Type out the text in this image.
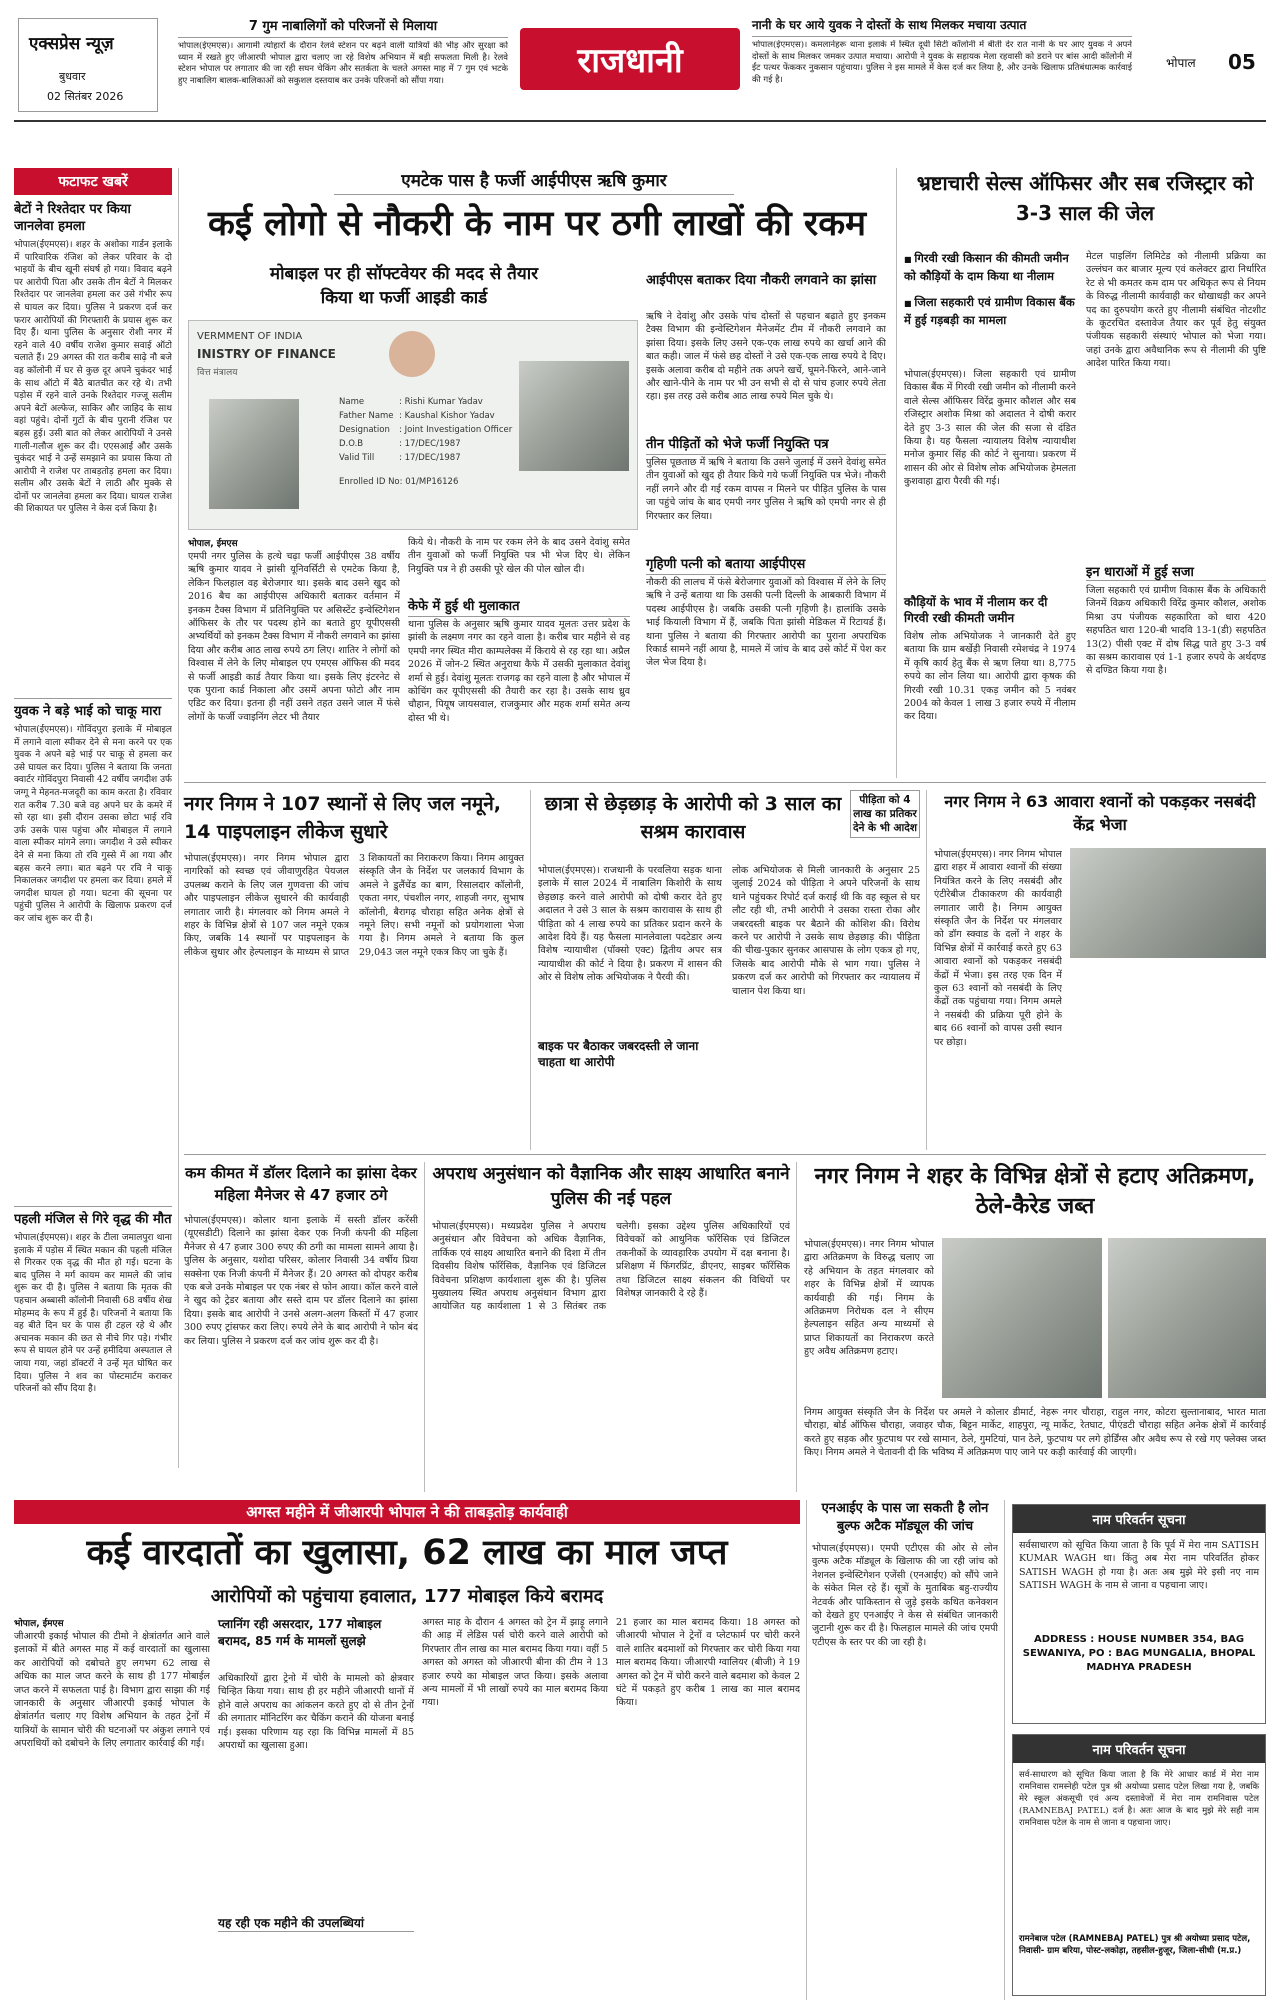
एक्सप्रेस न्यूज़
बुधवार
02 सितंबर 2026
7 गुम नाबालिगों को परिजनों से मिलाया
भोपाल(ईएमएस)। आगामी त्योहारों के दौरान रेलवे स्टेशन पर बढ़ने वाली यात्रियों की भीड़ और सुरक्षा को ध्यान में रखते हुए जीआरपी भोपाल द्वारा चलाए जा रहे विशेष अभियान में बड़ी सफलता मिली है। रेलवे स्टेशन भोपाल पर लगातार की जा रही सघन चेकिंग और सतर्कता के चलते अगस्त माह में 7 गुम एवं भटके हुए नाबालिग बालक-बालिकाओं को सकुशल दस्तयाब कर उनके परिजनों को सौंपा गया।	राजधानी
नानी के घर आये युवक ने दोस्तों के साथ मिलकर मचाया उत्पात
भोपाल(ईएमएस)। कमलानेहरू थाना इलाके में स्थित दूधी सिटी कॉलोनी में बीती देर रात नानी के घर आए युवक ने अपने दोस्तों के साथ मिलकर जमकर उत्पात मचाया। आरोपी ने युवक के सहायक मेला रहवासी को डराने पर बांस आदी कॉलोनी में ईंट पत्थर फेंककर नुकसान पहुंचाया। पुलिस ने इस मामले में केस दर्ज कर लिया है, और उनके खिलाफ प्रतिबंधात्मक कार्रवाई की गई है।
भोपाल 05
फटाफट खबरें
बेटों ने रिश्तेदार पर किया जानलेवा हमला
भोपाल(ईएमएस)। शहर के अशोका गार्डन इलाके में पारिवारिक रंजिश को लेकर परिवार के दो भाइयों के बीच खूनी संघर्ष हो गया। विवाद बढ़ने पर आरोपी पिता और उसके तीन बेटों ने मिलकर रिश्तेदार पर जानलेवा हमला कर उसे गंभीर रूप से घायल कर दिया। पुलिस ने प्रकरण दर्ज कर फरार आरोपियों की गिरफ्तारी के प्रयास शुरू कर दिए हैं। थाना पुलिस के अनुसार रोशी नगर में रहने वाले 40 वर्षीय राजेश कुमार सवाई ऑटो चलाते हैं। 29 अगस्त की रात करीब साढ़े नौ बजे वह कॉलोनी में घर से कुछ दूर अपने चुकंदर भाई के साथ ऑटो में बैठे बातचीत कर रहे थे। तभी पड़ोस में रहने वाले उनके रिश्तेदार गज्जू सलीम अपने बेटों अल्फेज, साकिर और जाहिद के साथ वहां पहुंचे। दोनों गुटों के बीच पुरानी रंजिश पर बहस हुई। उसी बात को लेकर आरोपियों ने उनसे गाली-गलौज शुरू कर दी। एएसआई और उसके चुकंदर भाई ने उन्हें समझाने का प्रयास किया तो आरोपी ने राजेश पर ताबड़तोड़ हमला कर दिया। सलीम और उसके बेटों ने लाठी और मुक्के से दोनों पर जानलेवा हमला कर दिया। घायल राजेश की शिकायत पर पुलिस ने केस दर्ज किया है।
युवक ने बड़े भाई को चाकू मारा
भोपाल(ईएमएस)। गोविंदपुरा इलाके में मोबाइल में लगाने वाला स्पीकर देने से मना करने पर एक युवक ने अपने बड़े भाई पर चाकू से हमला कर उसे घायल कर दिया। पुलिस ने बताया कि जनता क्वार्टर गोविंदपुरा निवासी 42 वर्षीय जगदीश उर्फ जग्गू ने मेहनत-मजदूरी का काम करता है। रविवार रात करीब 7.30 बजे वह अपने घर के कमरे में सो रहा था। इसी दौरान उसका छोटा भाई रवि उर्फ उसके पास पहुंचा और मोबाइल में लगाने वाला स्पीकर मांगने लगा। जगदीश ने उसे स्पीकर देने से मना किया तो रवि गुस्से में आ गया और बहस करने लगा। बात बढ़ने पर रवि ने चाकू निकालकर जगदीश पर हमला कर दिया। हमले में जगदीश घायल हो गया। घटना की सूचना पर पहुंची पुलिस ने आरोपी के खिलाफ प्रकरण दर्ज कर जांच शुरू कर दी है।
पहली मंजिल से गिरे वृद्ध की मौत
भोपाल(ईएमएस)। शहर के टीला जमालपुरा थाना इलाके में पड़ोस में स्थित मकान की पहली मंजिल से गिरकर एक वृद्ध की मौत हो गई। घटना के बाद पुलिस ने मर्ग कायम कर मामले की जांच शुरू कर दी है। पुलिस ने बताया कि मृतक की पहचान अब्बासी कॉलोनी निवासी 68 वर्षीय शेख मोहम्मद के रूप में हुई है। परिजनों ने बताया कि वह बीते दिन घर के पास ही टहल रहे थे और अचानक मकान की छत से नीचे गिर पड़े। गंभीर रूप से घायल होने पर उन्हें हमीदिया अस्पताल ले जाया गया, जहां डॉक्टरों ने उन्हें मृत घोषित कर दिया। पुलिस ने शव का पोस्टमार्टम कराकर परिजनों को सौंप दिया है।
एमटेक पास है फर्जी आईपीएस ऋषि कुमार
कई लोगो से नौकरी के नाम पर ठगी लाखों की रकम
मोबाइल पर ही सॉफ्टवेयर की मदद से तैयार किया था फर्जी आइडी कार्ड
VERMMENT OF INDIA
INISTRY OF FINANCE
वित्त मंत्रालय
Name	: Rishi Kumar Yadav
Father Name : Kaushal Kishor Yadav
Designation : Joint Investigation Officer
D.O.B	: 17/DEC/1987
Valid Till	: 17/DEC/1987
Enrolled ID No: 01/MP16126
भोपाल, ईमएस
एमपी नगर पुलिस के हत्थे चढ़ा फर्जी आईपीएस 38 वर्षीय ऋषि कुमार यादव ने झांसी यूनिवर्सिटी से एमटेक किया है, लेकिन फिलहाल वह बेरोजगार था। इसके बाद उसने खुद को 2016 बैच का आईपीएस अधिकारी बताकर वर्तमान में इनकम टैक्स विभाग में प्रतिनियुक्ति पर असिस्टेंट इन्वेस्टिगेशन ऑफिसर के तौर पर पदस्थ होने का बताते हुए यूपीएससी अभ्यर्थियों को इनकम टैक्स विभाग में नौकरी लगवाने का झांसा दिया और करीब आठ लाख रुपये ठग लिए। शातिर ने लोगों को विश्वास में लेने के लिए मोबाइल एप एमएस ऑफिस की मदद से फर्जी आइडी कार्ड तैयार किया था। इसके लिए इंटरनेट से एक पुराना कार्ड निकाला और उसमें अपना फोटो और नाम एडिट कर दिया। इतना ही नहीं उसने तहत उसने जाल में फंसे लोगों के फर्जी ज्वाइनिंग लेटर भी तैयार
किये थे। नौकरी के नाम पर रकम लेने के बाद उसने देवांशु समेत तीन युवाओं को फर्जी नियुक्ति पत्र भी भेज दिए थे। लेकिन नियुक्ति पत्र ने ही उसकी पूरे खेल की पोल खोल दी।
केफे में हुई थी मुलाकात
थाना पुलिस के अनुसार ऋषि कुमार यादव मूलतः उत्तर प्रदेश के झांसी के लक्ष्मण नगर का रहने वाला है। करीब चार महीने से वह एमपी नगर स्थित मीरा काम्पलेक्स में किराये से रह रहा था। अप्रैल 2026 में जोन-2 स्थित अनुराधा कैफे में उसकी मुलाकात देवांशु शर्मा से हुई। देवांशु मूलतः राजगढ़ का रहने वाला है और भोपाल में कोचिंग कर यूपीएससी की तैयारी कर रहा है। उसके साथ ध्रुव चौहान, पियूष जायसवाल, राजकुमार और महक शर्मा समेत अन्य दोस्त भी थे।
आईपीएस बताकर दिया नौकरी लगवाने का झांसा
ऋषि ने देवांशु और उसके पांच दोस्तों से पहचान बढ़ाते हुए इनकम टैक्स विभाग की इन्वेस्टिगेशन मैनेजमेंट टीम में नौकरी लगवाने का झांसा दिया। इसके लिए उसने एक-एक लाख रुपये का खर्चा आने की बात कही। जाल में फंसे छह दोस्तों ने उसे एक-एक लाख रुपये दे दिए। इसके अलावा करीब दो महीने तक अपने खर्चे, घूमने-फिरने, आने-जाने और खाने-पीने के नाम पर भी उन सभी से दो से पांच हजार रुपये लेता रहा। इस तरह उसे करीब आठ लाख रुपये मिल चुके थे।
तीन पीड़ितों को भेजे फर्जी नियुक्ति पत्र
पुलिस पूछताछ में ऋषि ने बताया कि उसने जुलाई में उसने देवांशु समेत तीन युवाओं को खुद ही तैयार किये गये फर्जी नियुक्ति पत्र भेजे। नौकरी नहीं लगने और दी गई रकम वापस न मिलने पर पीड़ित पुलिस के पास जा पहुंचे जांच के बाद एमपी नगर पुलिस ने ऋषि को एमपी नगर से ही गिरफ्तार कर लिया।
गृहिणी पत्नी को बताया आईपीएस
नौकरी की लालच में फंसे बेरोजगार युवाओं को विश्वास में लेने के लिए ऋषि ने उन्हें बताया था कि उसकी पत्नी दिल्ली के आबकारी विभाग में पदस्थ आईपीएस है। जबकि उसकी पत्नी गृहिणी है। हालांकि उसके भाई कियाली विभाग में हैं, जबकि पिता झांसी मेडिकल में रिटायर्ड हैं। थाना पुलिस ने बताया की गिरफ्तार आरोपी का पुराना अपराधिक रिकार्ड सामने नहीं आया है, मामले में जांच के बाद उसे कोर्ट में पेश कर जेल भेज दिया है।
भ्रष्टाचारी सेल्स ऑफिसर और सब रजिस्ट्रार को 3-3 साल की जेल
■ गिरवी रखी किसान की कीमती जमीन को कौड़ियों के दाम किया था नीलाम
■ जिला सहकारी एवं ग्रामीण विकास बैंक में हुई गड़बड़ी का मामला
मेटल पाइलिंग लिमिटेड को नीलामी प्रक्रिया का उल्लंघन कर बाजार मूल्य एवं कलेक्टर द्वारा निर्धारित रेट से भी कमतर कम दाम पर अधिकृत रूप से नियम के विरुद्ध नीलामी कार्यवाही कर धोखाधड़ी कर अपने पद का दुरुपयोग करते हुए नीलामी संबंधित नोटशीट के कूटरचित दस्तावेज तैयार कर पूर्व हेतु संयुक्त पंजीयक सहकारी संस्थाएं भोपाल को भेजा गया। जहां उनके द्वारा अवैधानिक रूप से नीलामी की पुष्टि आदेश पारित किया गया।
भोपाल(ईएमएस)। जिला सहकारी एवं ग्रामीण विकास बैंक में गिरवी रखी जमीन को नीलामी करने वाले सेल्स ऑफिसर विरेंद्र कुमार कौशल और सब रजिस्ट्रार अशोक मिश्रा को अदालत ने दोषी करार देते हुए 3-3 साल की जेल की सजा से दंडित किया है। यह फैसला न्यायालय विशेष न्यायाधीश मनोज कुमार सिंह की कोर्ट ने सुनाया। प्रकरण में शासन की ओर से विशेष लोक अभियोजक हेमलता कुशवाहा द्वारा पैरवी की गई।
कौड़ियों के भाव में नीलाम कर दी गिरवी रखी कीमती जमीन
विशेष लोक अभियोजक ने जानकारी देते हुए बताया कि ग्राम बर्खेड़ी निवासी रमेशचंद्र ने 1974 में कृषि कार्य हेतु बैंक से ऋण लिया था। 8,775 रुपये का लोन लिया था। आरोपी द्वारा कृषक की गिरवी रखी 10.31 एकड़ जमीन को 5 नवंबर 2004 को केवल 1 लाख 3 हजार रुपये में नीलाम कर दिया।
इन धाराओं में हुई सजा
जिला सहकारी एवं ग्रामीण विकास बैंक के अधिकारी जिनमें विक्रय अधिकारी विरेंद्र कुमार कौशल, अशोक मिश्रा उप पंजीयक सहकारिता को धारा 420 सहपठित धारा 120-बी भादवि 13-1(डी) सहपठित 13(2) पीसी एक्ट में दोष सिद्ध पाते हुए 3-3 वर्ष का सश्रम कारावास एवं 1-1 हजार रुपये के अर्थदण्ड से दण्डित किया गया है।
नगर निगम ने 107 स्थानों से लिए जल नमूने, 14 पाइपलाइन लीकेज सुधारे
भोपाल(ईएमएस)। नगर निगम भोपाल द्वारा नागरिकों को स्वच्छ एवं जीवाणुरहित पेयजल उपलब्ध कराने के लिए जल गुणवत्ता की जांच और पाइपलाइन लीकेज सुधारने की कार्यवाही लगातार जारी है। मंगलवार को निगम अमले ने शहर के विभिन्न क्षेत्रों से 107 जल नमूने एकत्र किए, जबकि 14 स्थानों पर पाइपलाइन के लीकेज सुधार और हेल्पलाइन के माध्यम से प्राप्त 3 शिकायतों का निराकरण किया। निगम आयुक्त संस्कृति जैन के निर्देश पर जलकार्य विभाग के अमले ने डुलैंचेंड का बाग, रिसालदार कॉलोनी, एकता नगर, पंचशील नगर, शाहजी नगर, सुभाष कॉलोनी, बैरागढ़ चौराहा सहित अनेक क्षेत्रों से नमूने लिए। सभी नमूनों को प्रयोगशाला भेजा गया है। निगम अमले ने बताया कि कुल 29,043 जल नमूने एकत्र किए जा चुके हैं।
छात्रा से छेड़छाड़ के आरोपी को 3 साल का सश्रम कारावास
पीड़िता को 4 लाख का प्रतिकर देने के भी आदेश
भोपाल(ईएमएस)। राजधानी के परवलिया सड़क थाना इलाके में साल 2024 में नाबालिग किशोरी के साथ छेड़छाड़ करने वाले आरोपी को दोषी करार देते हुए अदालत ने उसे 3 साल के सश्रम कारावास के साथ ही पीड़िता को 4 लाख रुपये का प्रतिकर प्रदान करने के आदेश दिये हैं। यह फैसला मानलेवाला पदटेडार अन्य विशेष न्यायाधीश (पॉक्सो एक्ट) द्वितीय अपर सत्र न्यायाधीश की कोर्ट ने दिया है। प्रकरण में शासन की ओर से विशेष लोक अभियोजक ने पैरवी की।
बाइक पर बैठाकर जबरदस्ती ले जाना चाहता था आरोपी
लोक अभियोजक से मिली जानकारी के अनुसार 25 जुलाई 2024 को पीड़िता ने अपने परिजनों के साथ थाने पहुंचकर रिपोर्ट दर्ज कराई थी कि वह स्कूल से घर लौट रही थी, तभी आरोपी ने उसका रास्ता रोका और जबरदस्ती बाइक पर बैठाने की कोशिश की। विरोध करने पर आरोपी ने उसके साथ छेड़छाड़ की। पीड़िता की चीख-पुकार सुनकर आसपास के लोग एकत्र हो गए, जिसके बाद आरोपी मौके से भाग गया। पुलिस ने प्रकरण दर्ज कर आरोपी को गिरफ्तार कर न्यायालय में चालान पेश किया था।
नगर निगम ने 63 आवारा श्वानों को पकड़कर नसबंदी केंद्र भेजा
भोपाल(ईएमएस)। नगर निगम भोपाल द्वारा शहर में आवारा श्वानों की संख्या नियंत्रित करने के लिए नसबंदी और एंटीरेबीज टीकाकरण की कार्यवाही लगातार जारी है। निगम आयुक्त संस्कृति जैन के निर्देश पर मंगलवार को डॉग स्क्वाड के दलों ने शहर के विभिन्न क्षेत्रों में कार्रवाई करते हुए 63 आवारा श्वानों को पकड़कर नसबंदी केंद्रों में भेजा। इस तरह एक दिन में कुल 63 श्वानों को नसबंदी के लिए केंद्रों तक पहुंचाया गया। निगम अमले ने नसबंदी की प्रक्रिया पूरी होने के बाद 66 श्वानों को वापस उसी स्थान पर छोड़ा।
कम कीमत में डॉलर दिलाने का झांसा देकर महिला मैनेजर से 47 हजार ठगे
भोपाल(ईएमएस)। कोलार थाना इलाके में सस्ती डॉलर करेंसी (यूएसडीटी) दिलाने का झांसा देकर एक निजी कंपनी की महिला मैनेजर से 47 हजार 300 रुपए की ठगी का मामला सामने आया है। पुलिस के अनुसार, यशोदा परिसर, कोलार निवासी 34 वर्षीय प्रिया सक्सेना एक निजी कंपनी में मैनेजर हैं। 20 अगस्त को दोपहर करीब एक बजे उनके मोबाइल पर एक नंबर से फोन आया। कॉल करने वाले ने खुद को ट्रेडर बताया और सस्ते दाम पर डॉलर दिलाने का झांसा दिया। इसके बाद आरोपी ने उनसे अलग-अलग किस्तों में 47 हजार 300 रुपए ट्रांसफर करा लिए। रुपये लेने के बाद आरोपी ने फोन बंद कर लिया। पुलिस ने प्रकरण दर्ज कर जांच शुरू कर दी है।
अपराध अनुसंधान को वैज्ञानिक और साक्ष्य आधारित बनाने पुलिस की नई पहल
भोपाल(ईएमएस)। मध्यप्रदेश पुलिस ने अपराध अनुसंधान और विवेचना को अधिक वैज्ञानिक, तार्किक एवं साक्ष्य आधारित बनाने की दिशा में तीन दिवसीय विशेष फॉरेंसिक, वैज्ञानिक एवं डिजिटल विवेचना प्रशिक्षण कार्यशाला शुरू की है। पुलिस मुख्यालय स्थित अपराध अनुसंधान विभाग द्वारा आयोजित यह कार्यशाला 1 से 3 सितंबर तक चलेगी। इसका उद्देश्य पुलिस अधिकारियों एवं विवेचकों को आधुनिक फॉरेंसिक एवं डिजिटल तकनीकों के व्यावहारिक उपयोग में दक्ष बनाना है। प्रशिक्षण में फिंगरप्रिंट, डीएनए, साइबर फॉरेंसिक तथा डिजिटल साक्ष्य संकलन की विधियों पर विशेषज्ञ जानकारी दे रहे हैं।
नगर निगम ने शहर के विभिन्न क्षेत्रों से हटाए अतिक्रमण, ठेले-कैरेड जब्त
भोपाल(ईएमएस)। नगर निगम भोपाल द्वारा अतिक्रमण के विरुद्ध चलाए जा रहे अभियान के तहत मंगलवार को शहर के विभिन्न क्षेत्रों में व्यापक कार्यवाही की गई। निगम के अतिक्रमण निरोधक दल ने सीएम हेल्पलाइन सहित अन्य माध्यमों से प्राप्त शिकायतों का निराकरण करते हुए अवैध अतिक्रमण हटाए।
निगम आयुक्त संस्कृति जैन के निर्देश पर अमले ने कोलार डीमार्ट, नेहरू नगर चौराहा, राहुल नगर, कोटरा सुल्तानाबाद, भारत माता चौराहा, बोर्ड ऑफिस चौराहा, जवाहर चौक, बिट्टन मार्केट, शाहपुरा, न्यू मार्केट, रेतघाट, पीएंडटी चौराहा सहित अनेक क्षेत्रों में कार्रवाई करते हुए सड़क और फुटपाथ पर रखे सामान, ठेले, गुमटियां, पान ठेले, फुटपाथ पर लगे होर्डिंग्स और अवैध रूप से रखे गए फ्लेक्स जब्त किए। निगम अमले ने चेतावनी दी कि भविष्य में अतिक्रमण पाए जाने पर कड़ी कार्रवाई की जाएगी।
अगस्त महीने में जीआरपी भोपाल ने की ताबड़तोड़ कार्यवाही
कई वारदातों का खुलासा, 62 लाख का माल जप्त
आरोपियों को पहुंचाया हवालात, 177 मोबाइल किये बरामद
भोपाल, ईमएस
जीआरपी इकाई भोपाल की टीमो ने क्षेत्रांतर्गत आने वाले इलाकों में बीते अगस्त माह में कई वारदातों का खुलासा कर आरोपियों को दबोचते हुए लगभग 62 लाख से अधिक का माल जप्त करने के साथ ही 177 मोबाईल जप्त करने में सफलता पाई है। विभाग द्वारा साझा की गई जानकारी के अनुसार जीआरपी इकाई भोपाल के क्षेत्रांतर्गत चलाए गए विशेष अभियान के तहत ट्रेनों में यात्रियों के सामान चोरी की घटनाओं पर अंकुश लगाने एवं अपराधियों को दबोचने के लिए लगातार कार्रवाई की गई।
प्लानिंग रही असरदार, 177 मोबाइल बरामद, 85 गर्म के मामलों सुलझे
अधिकारियों द्वारा ट्रेनो में चोरी के मामलो को क्षेत्रवार चिन्हित किया गया। साथ ही हर महीने जीआरपी थानों में होने वाले अपराध का आंकलन करते हुए दो से तीन ट्रेनों की लगातार मॉनिटरिंग कर चैकिंग कराने की योजना बनाई गई। इसका परिणाम यह रहा कि विभिन्न मामलों में 85 अपराधों का खुलासा हुआ।
यह रही एक महीने की उपलब्धियां
अगस्त माह के दौरान 4 अगस्त को ट्रेन में झाड़ू लगाने की आड़ में लेडिस पर्स चोरी करने वाले आरोपी को गिरफ्तार तीन लाख का माल बरामद किया गया। वहीं 5 अगस्त को अगस्त को जीआरपी बीना की टीम ने 13 हजार रुपये का मोबाइल जप्त किया। इसके अलावा अन्य मामलों में भी लाखों रुपये का माल बरामद किया गया।
21 हजार का माल बरामद किया। 18 अगस्त को जीआरपी भोपाल ने ट्रेनों व प्लेटफार्म पर चोरी करने वाले शातिर बदमाशों को गिरफ्तार कर चोरी किया गया माल बरामद किया। जीआरपी ग्वालियर (बीजी) ने 19 अगस्त को ट्रेन में चोरी करने वाले बदमाश को केवल 2 घंटे में पकड़ते हुए करीब 1 लाख का माल बरामद किया।
एनआईए के पास जा सकती है लोन बुल्फ अटैक मॉड्यूल की जांच
भोपाल(ईएमएस)। एमपी एटीएस की ओर से लोन वुल्फ अटैक मॉड्यूल के खिलाफ की जा रही जांच को नेशनल इन्वेस्टिगेशन एजेंसी (एनआईए) को सौंपे जाने के संकेत मिल रहे हैं। सूत्रों के मुताबिक बहु-राज्यीय नेटवर्क और पाकिस्तान से जुड़े इसके कथित कनेक्शन को देखते हुए एनआईए ने केस से संबंधित जानकारी जुटानी शुरू कर दी है। फिलहाल मामले की जांच एमपी एटीएस के स्तर पर की जा रही है।
नाम परिवर्तन सूचना
सर्वसाधारण को सूचित किया जाता है कि पूर्व में मेरा नाम SATISH KUMAR WAGH था। किंतु अब मेरा नाम परिवर्तित होकर SATISH WAGH हो गया है। अतः अब मुझे मेरे इसी नए नाम SATISH WAGH के नाम से जाना व पहचाना जाए।
ADDRESS : HOUSE NUMBER 354, BAG SEWANIYA, PO : BAG MUNGALIA, BHOPAL MADHYA PRADESH
नाम परिवर्तन सूचना
सर्व-साधारण को सूचित किया जाता है कि मेरे आधार कार्ड में मेरा नाम रामनिवास रामस्नेही पटेल पुत्र श्री अयोध्या प्रसाद पटेल लिखा गया है, जबकि मेरे स्कूल अंकसूची एवं अन्य दस्तावेजों में मेरा नाम रामनिवास पटेल (RAMNEBAJ PATEL) दर्ज है। अतः आज के बाद मुझे मेरे सही नाम रामनिवास पटेल के नाम से जाना व पहचाना जाए।
रामनेबाज पटेल (RAMNEBAJ PATEL) पुत्र श्री अयोध्या प्रसाद पटेल, निवासी- ग्राम बरिया, पोस्ट-लकोड़ा, तहसील-हुजूर, जिला-सीधी (म.प्र.)
